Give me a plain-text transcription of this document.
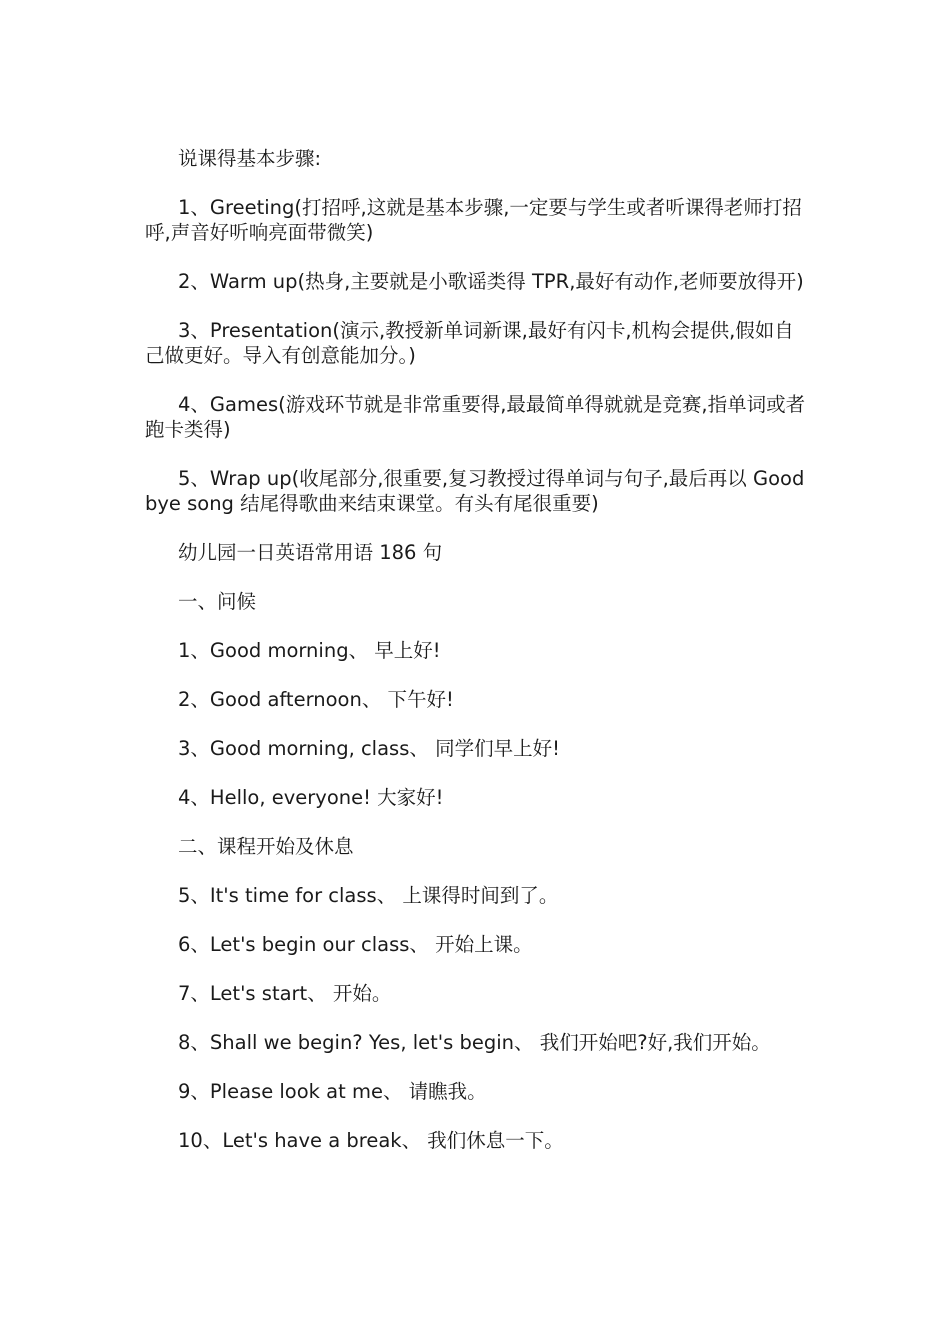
说课得基本步骤:

1、Greeting(打招呼,这就是基本步骤,一定要与学生或者听课得老师打招呼,声音好听响亮面带微笑)

2、Warm up(热身,主要就是小歌谣类得 TPR,最好有动作,老师要放得开)

3、Presentation(演示,教授新单词新课,最好有闪卡,机构会提供,假如自己做更好。导入有创意能加分。)

4、Games(游戏环节就是非常重要得,最最简单得就就是竞赛,指单词或者跑卡类得)

5、Wrap up(收尾部分,很重要,复习教授过得单词与句子,最后再以 Goodbye song 结尾得歌曲来结束课堂。有头有尾很重要)

幼儿园一日英语常用语 186 句

一、问候

1、Good morning、 早上好!

2、Good afternoon、 下午好!

3、Good morning, class、 同学们早上好!

4、Hello, everyone! 大家好!

二、课程开始及休息

5、It's time for class、 上课得时间到了。

6、Let's begin our class、 开始上课。

7、Let's start、 开始。

8、Shall we begin? Yes, let's begin、 我们开始吧?好,我们开始。

9、Please look at me、 请瞧我。

10、Let's have a break、 我们休息一下。
